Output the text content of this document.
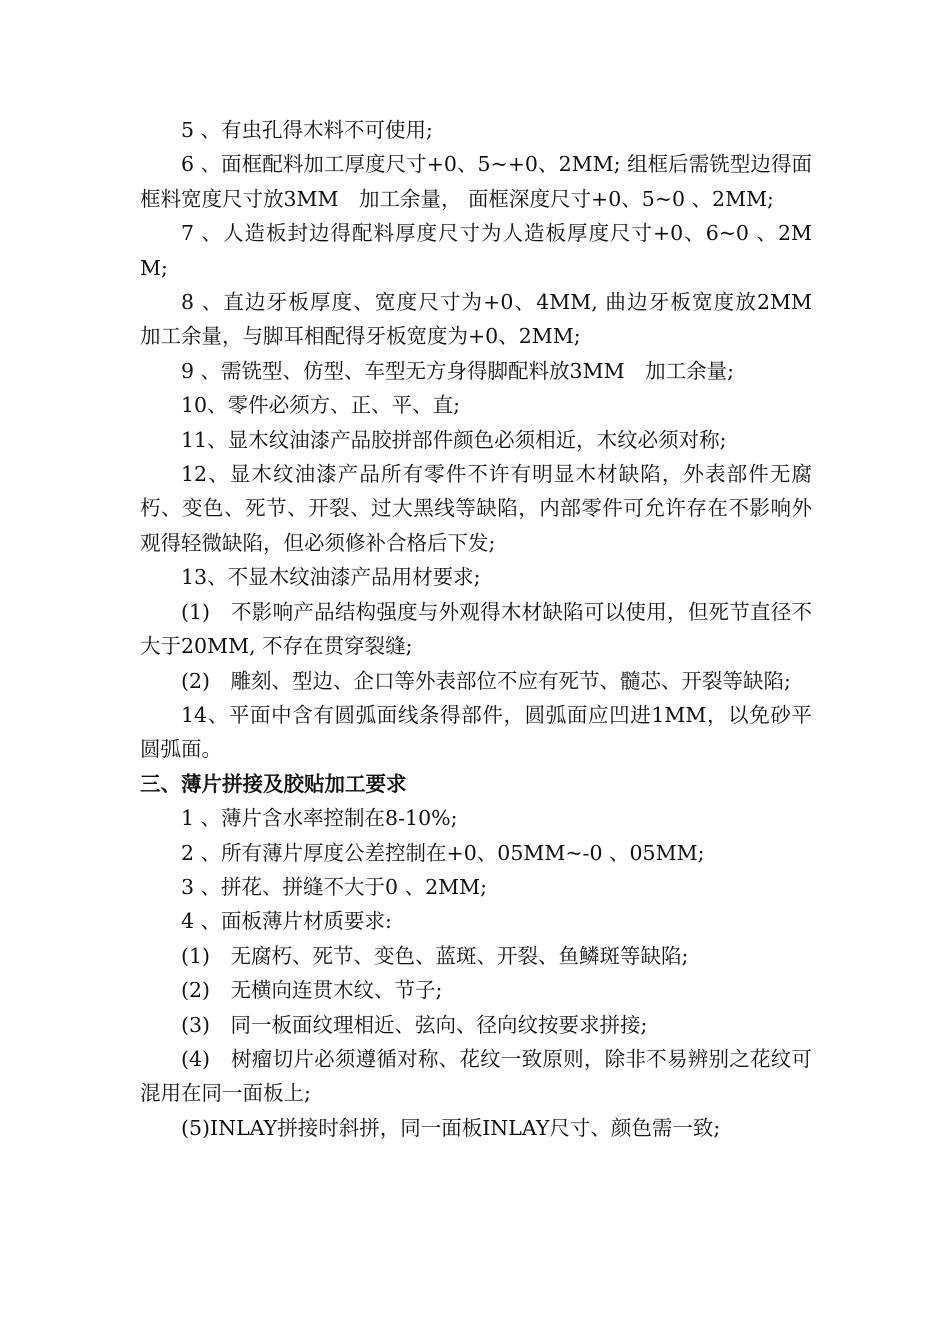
5 、有虫孔得木料不可使用;

6 、面框配料加工厚度尺寸+0、5~+0、2MM; 组框后需铣型边得面框料宽度尺寸放3MM　加工余量， 面框深度尺寸+0、5~0 、2MM;

7 、人造板封边得配料厚度尺寸为人造板厚度尺寸+0、6~0 、2MM;

8 、直边牙板厚度、宽度尺寸为+0、4MM, 曲边牙板宽度放2MM　加工余量，与脚耳相配得牙板宽度为+0、2MM;

9 、需铣型、仿型、车型无方身得脚配料放3MM　加工余量;

10、零件必须方、正、平、直;

11、显木纹油漆产品胶拼部件颜色必须相近，木纹必须对称;

12、显木纹油漆产品所有零件不许有明显木材缺陷，外表部件无腐朽、变色、死节、开裂、过大黑线等缺陷，内部零件可允许存在不影响外观得轻微缺陷，但必须修补合格后下发;

13、不显木纹油漆产品用材要求;

(1)　不影响产品结构强度与外观得木材缺陷可以使用，但死节直径不大于20MM, 不存在贯穿裂缝;

(2)　雕刻、型边、企口等外表部位不应有死节、髓芯、开裂等缺陷;

14、平面中含有圆弧面线条得部件，圆弧面应凹进1MM，以免砂平圆弧面。

三、薄片拼接及胶贴加工要求

1 、薄片含水率控制在8-10%;

2 、所有薄片厚度公差控制在+0、05MM~-0 、05MM;

3 、拼花、拼缝不大于0 、2MM;

4 、面板薄片材质要求:

(1)　无腐朽、死节、变色、蓝斑、开裂、鱼鳞斑等缺陷;

(2)　无横向连贯木纹、节子;

(3)　同一板面纹理相近、弦向、径向纹按要求拼接;

(4)　树瘤切片必须遵循对称、花纹一致原则，除非不易辨别之花纹可混用在同一面板上;

(5)INLAY拼接时斜拼，同一面板INLAY尺寸、颜色需一致;
